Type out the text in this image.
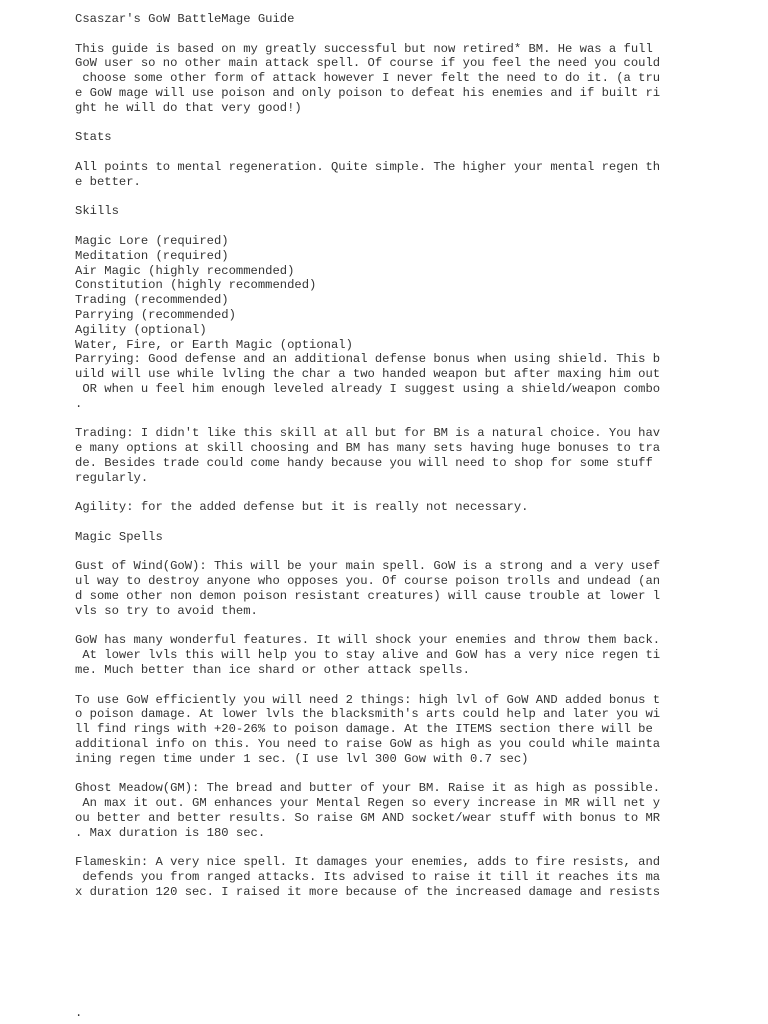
Csaszar's GoW BattleMage Guide
This guide is based on my greatly successful but now retired* BM. He was a full
GoW user so no other main attack spell. Of course if you feel the need you could
choose some other form of attack however I never felt the need to do it. (a tru
e GoW mage will use poison and only poison to defeat his enemies and if built ri
ght he will do that very good!)
Stats
All points to mental regeneration. Quite simple. The higher your mental regen th
e better.
Skills
Magic Lore (required)
Meditation (required)
Air Magic (highly recommended)
Constitution (highly recommended)
Trading (recommended)
Parrying (recommended)
Agility (optional)
Water, Fire, or Earth Magic (optional)
Parrying: Good defense and an additional defense bonus when using shield. This b
uild will use while lvling the char a two handed weapon but after maxing him out
OR when u feel him enough leveled already I suggest using a shield/weapon combo
.
Trading: I didn't like this skill at all but for BM is a natural choice. You hav
e many options at skill choosing and BM has many sets having huge bonuses to tra
de. Besides trade could come handy because you will need to shop for some stuff
regularly.
Agility: for the added defense but it is really not necessary.
Magic Spells
Gust of Wind(GoW): This will be your main spell. GoW is a strong and a very usef
ul way to destroy anyone who opposes you. Of course poison trolls and undead (an
d some other non demon poison resistant creatures) will cause trouble at lower l
vls so try to avoid them.
GoW has many wonderful features. It will shock your enemies and throw them back.
At lower lvls this will help you to stay alive and GoW has a very nice regen ti
me. Much better than ice shard or other attack spells.
To use GoW efficiently you will need 2 things: high lvl of GoW AND added bonus t
o poison damage. At lower lvls the blacksmith's arts could help and later you wi
ll find rings with +20-26% to poison damage. At the ITEMS section there will be
additional info on this. You need to raise GoW as high as you could while mainta
ining regen time under 1 sec. (I use lvl 300 Gow with 0.7 sec)
Ghost Meadow(GM): The bread and butter of your BM. Raise it as high as possible.
An max it out. GM enhances your Mental Regen so every increase in MR will net y
ou better and better results. So raise GM AND socket/wear stuff with bonus to MR
. Max duration is 180 sec.
Flameskin: A very nice spell. It damages your enemies, adds to fire resists, and
defends you from ranged attacks. Its advised to raise it till it reaches its ma
x duration 120 sec. I raised it more because of the increased damage and resists
.
